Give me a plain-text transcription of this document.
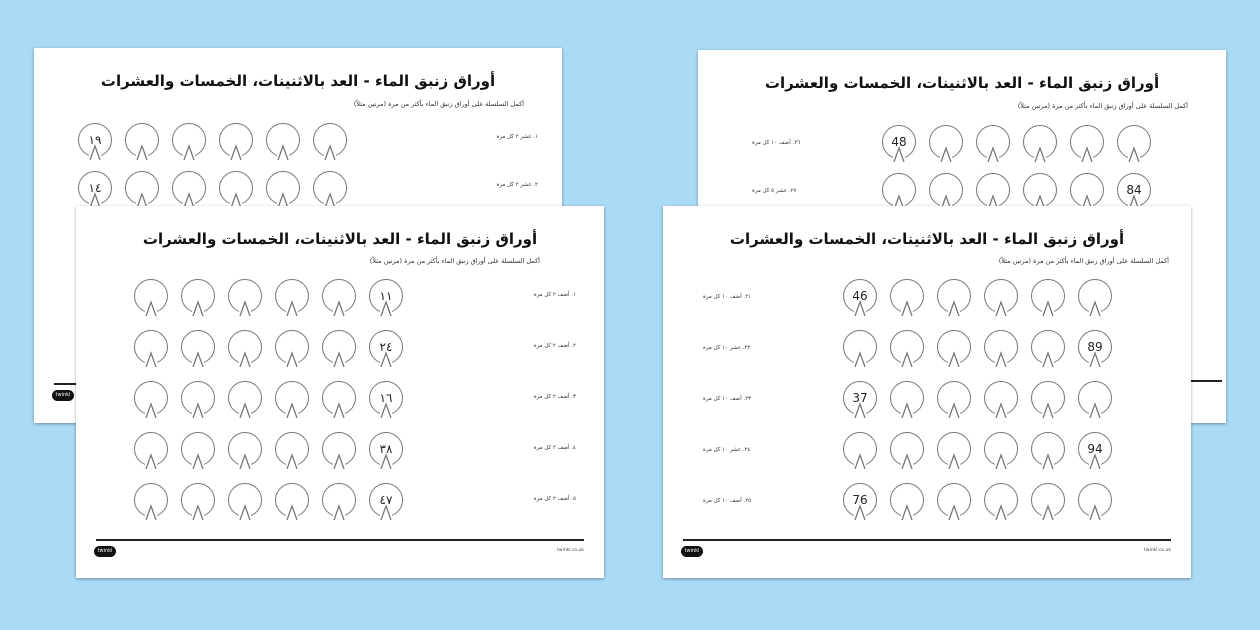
أوراق زنبق الماء - العد بالاثنينات، الخمسات والعشرات
أكمل السلسلة على أوراق زنبق الماء بأكثر من مرة (مرتين مثلاً)
١. عشر ٢ كل مرة
١٩
٢. عشر ٢ كل مرة
١٤
twinkl
أوراق زنبق الماء - العد بالاثنينات، الخمسات والعشرات
أكمل السلسلة على أوراق زنبق الماء بأكثر من مرة (مرتين مثلاً)
٢٦. أضف ١٠ كل مرة	48
٢٧. عشر ٥ كل مرة	84
أوراق زنبق الماء - العد بالاثنينات، الخمسات والعشرات
أكمل السلسلة على أوراق زنبق الماء بأكثر من مرة (مرتين مثلاً)
١. أضف ٢ كل مرة
١١
٢. أضف ٢ كل مرة
٢٤
٣. أضف ٢ كل مرة
١٦
٤. أضف ٢ كل مرة
٣٨
٥. أضف ٢ كل مرة
٤٧
twinkl	twinkl.co.uk
أوراق زنبق الماء - العد بالاثنينات، الخمسات والعشرات
أكمل السلسلة على أوراق زنبق الماء بأكثر من مرة (مرتين مثلاً)
٢١. أضف ١٠ كل مرة	46
٢٢. عشر ١٠ كل مرة	89
٢٣. أضف ١٠ كل مرة	37
٢٤. عشر ١٠ كل مرة	94
٢٥. أضف ١٠ كل مرة	76
twinkl	twinkl.co.uk
